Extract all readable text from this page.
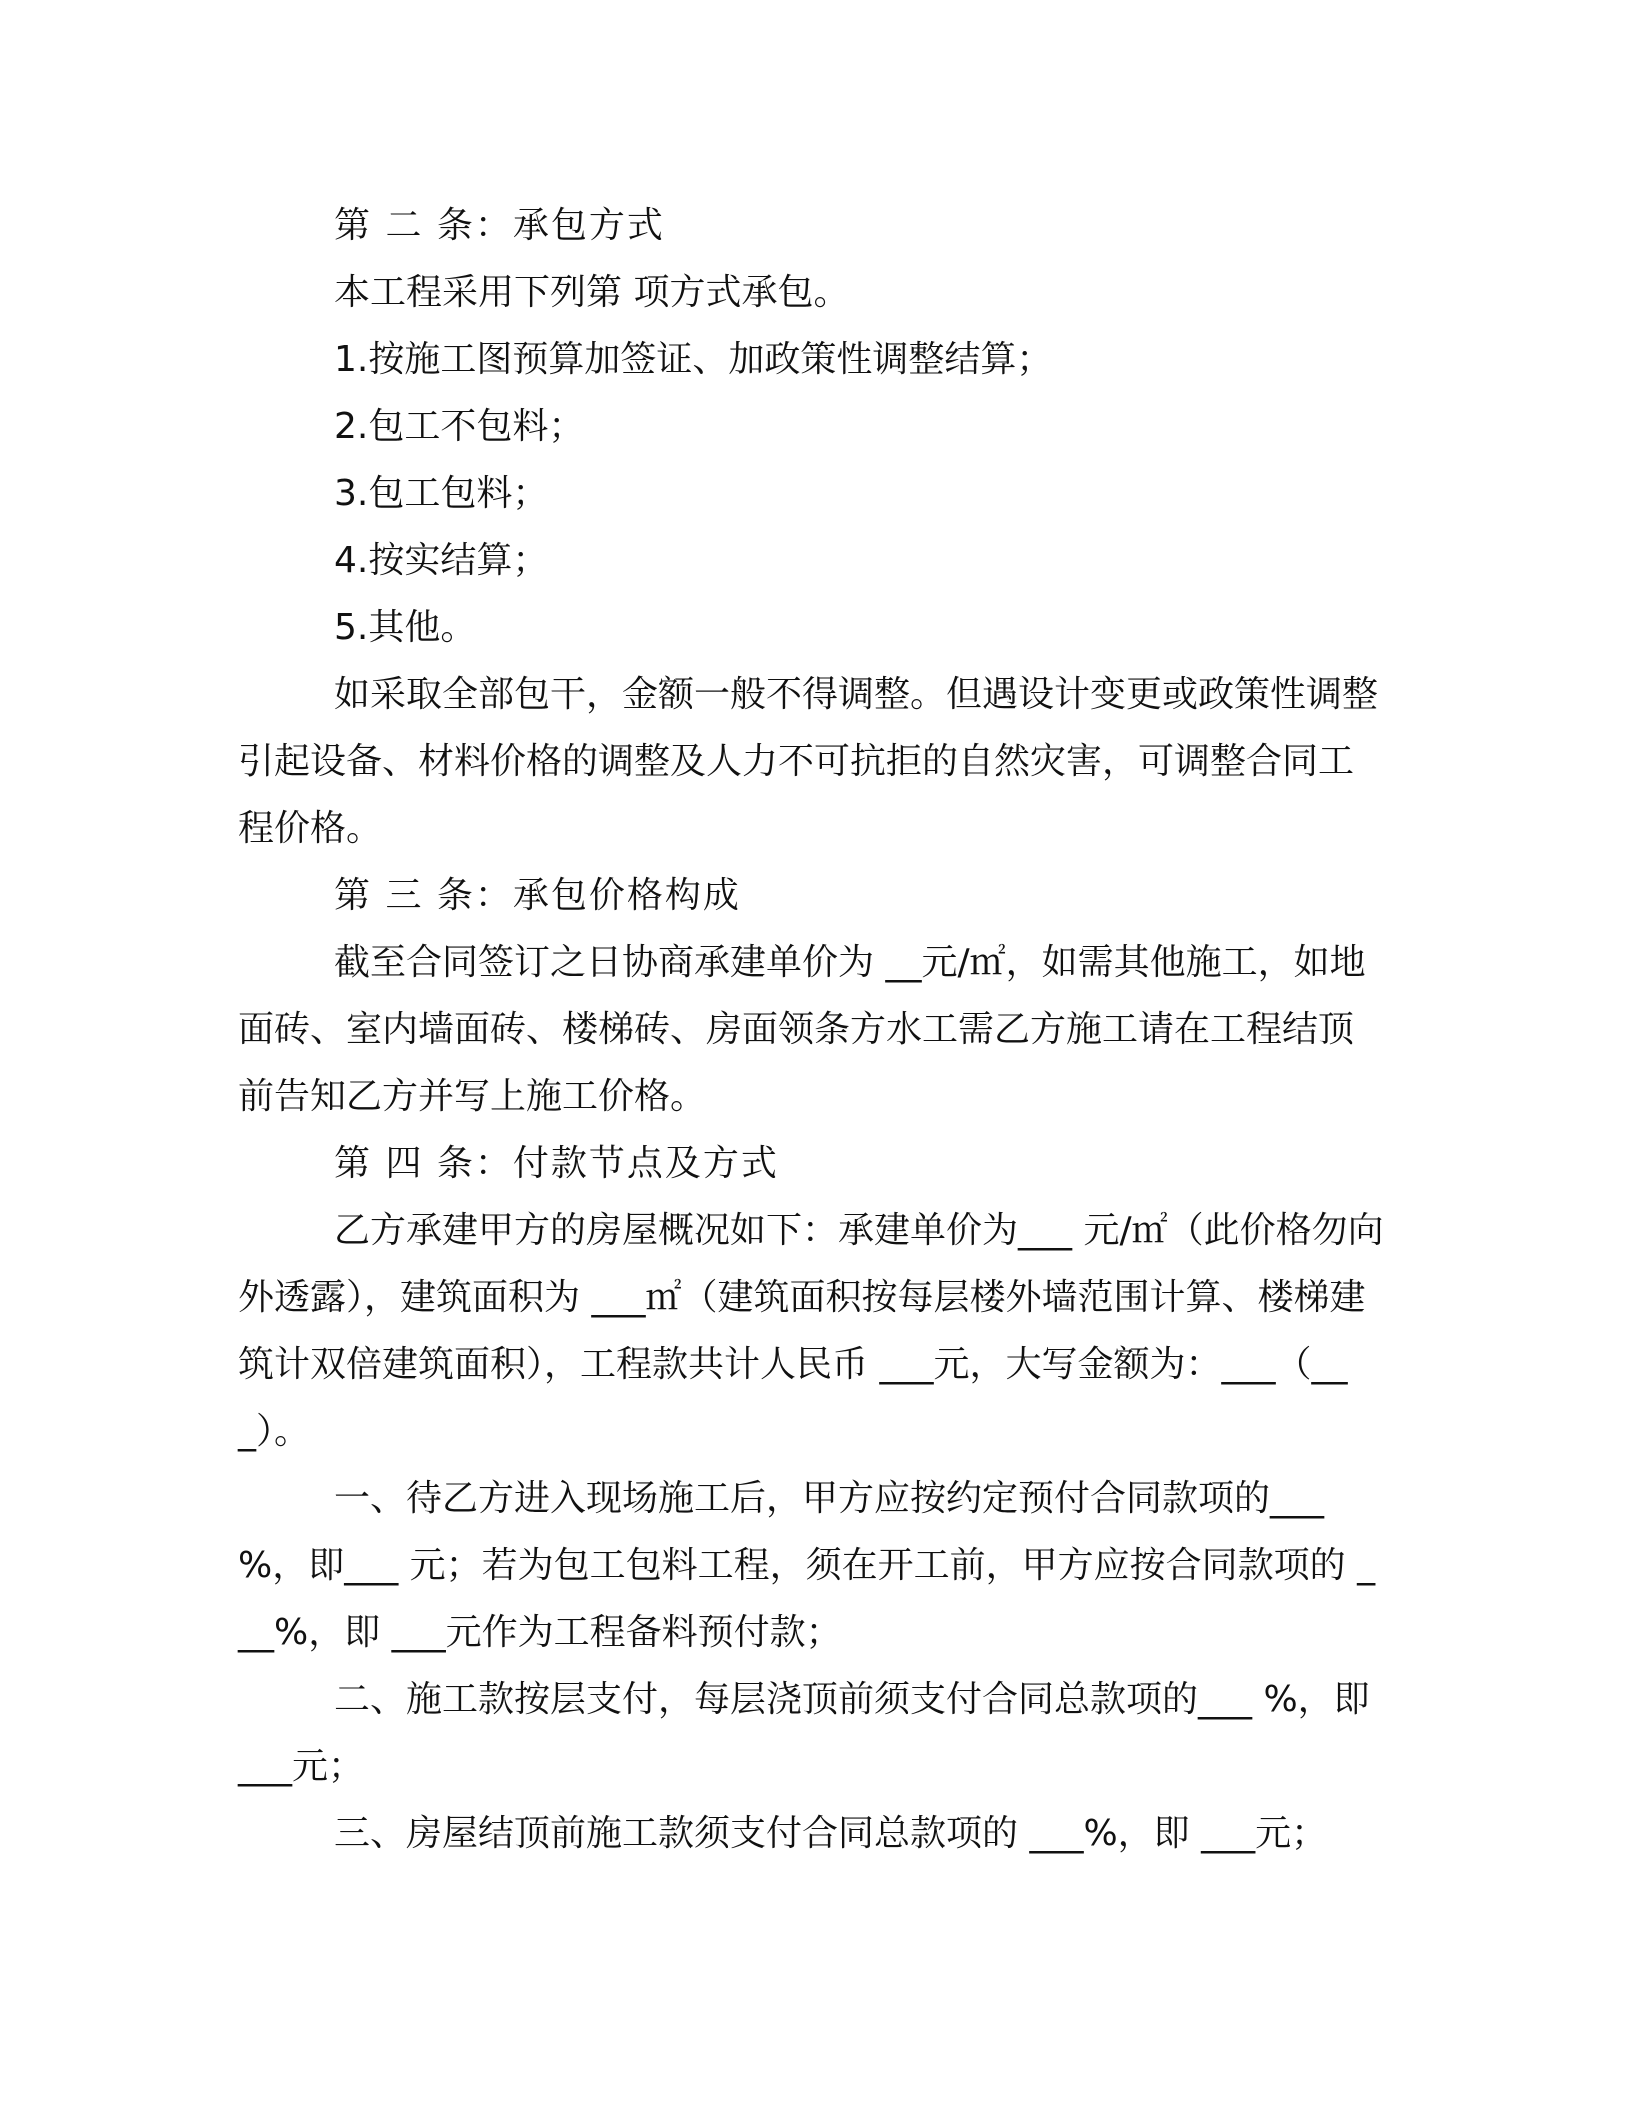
第 二 条：承包方式

本工程采用下列第 项方式承包。

1.按施工图预算加签证、加政策性调整结算；

2.包工不包料；

3.包工包料；

4.按实结算；

5.其他。

如采取全部包干，金额一般不得调整。但遇设计变更或政策性调整引起设备、材料价格的调整及人力不可抗拒的自然灾害，可调整合同工程价格。

第 三 条：承包价格构成

截至合同签订之日协商承建单价为 __元/㎡，如需其他施工，如地面砖、室内墙面砖、楼梯砖、房面领条方水工需乙方施工请在工程结顶前告知乙方并写上施工价格。

第 四 条：付款节点及方式

乙方承建甲方的房屋概况如下：承建单价为___ 元/㎡（此价格勿向外透露），建筑面积为 ___㎡（建筑面积按每层楼外墙范围计算、楼梯建筑计双倍建筑面积），工程款共计人民币 ___元，大写金额为：___（___）。

一、待乙方进入现场施工后，甲方应按约定预付合同款项的___ %，即___ 元；若为包工包料工程，须在开工前，甲方应按合同款项的 ___%，即 ___元作为工程备料预付款；

二、施工款按层支付，每层浇顶前须支付合同总款项的___ %，即 ___元；

三、房屋结顶前施工款须支付合同总款项的 ___%，即 ___元；
